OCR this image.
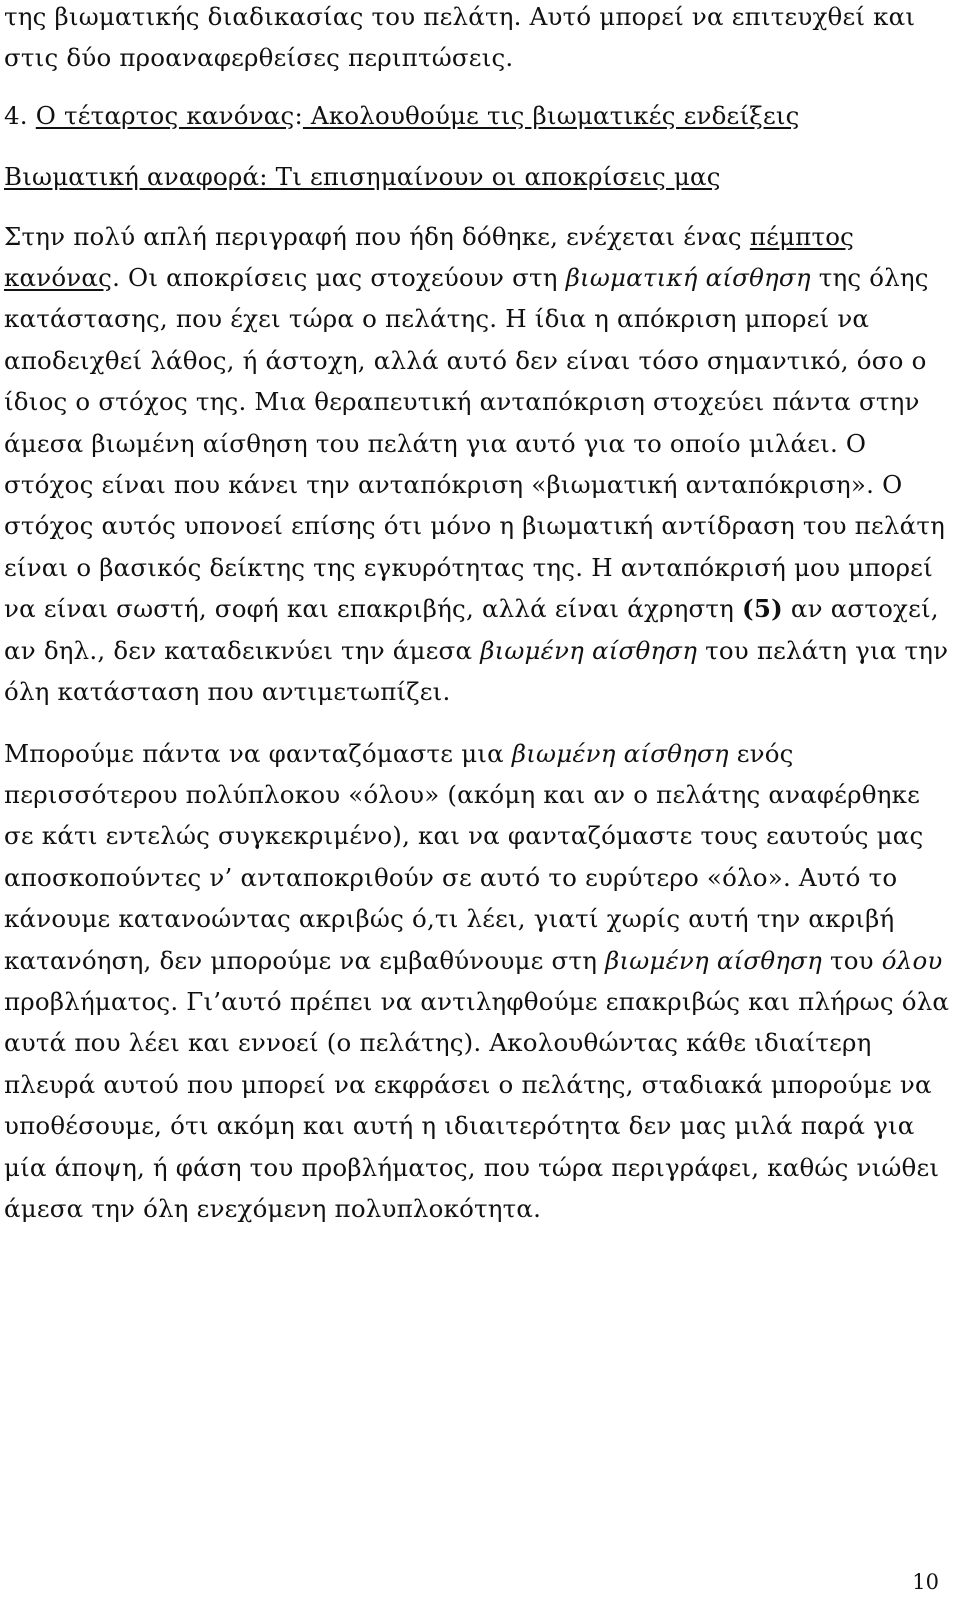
της βιωματικής διαδικασίας του πελάτη. Αυτό μπορεί να επιτευχθεί και στις δύο προαναφερθείσες περιπτώσεις.

4. Ο τέταρτος κανόνας: Ακολουθούμε τις βιωματικές ενδείξεις

Βιωματική αναφορά: Τι επισημαίνουν οι αποκρίσεις μας

Στην πολύ απλή περιγραφή που ήδη δόθηκε, ενέχεται ένας πέμπτος κανόνας. Οι αποκρίσεις μας στοχεύουν στη βιωματική αίσθηση της όλης κατάστασης, που έχει τώρα ο πελάτης. Η ίδια η απόκριση μπορεί να αποδειχθεί λάθος, ή άστοχη, αλλά αυτό δεν είναι τόσο σημαντικό, όσο ο ίδιος ο στόχος της. Μια θεραπευτική ανταπόκριση στοχεύει πάντα στην άμεσα βιωμένη αίσθηση του πελάτη για αυτό για το οποίο μιλάει. Ο στόχος είναι που κάνει την ανταπόκριση «βιωματική ανταπόκριση». Ο στόχος αυτός υπονοεί επίσης ότι μόνο η βιωματική αντίδραση του πελάτη είναι ο βασικός δείκτης της εγκυρότητας της. Η ανταπόκρισή μου μπορεί να είναι σωστή, σοφή και επακριβής, αλλά είναι άχρηστη (5) αν αστοχεί, αν δηλ., δεν καταδεικνύει την άμεσα βιωμένη αίσθηση του πελάτη για την όλη κατάσταση που αντιμετωπίζει.

Μπορούμε πάντα να φανταζόμαστε μια βιωμένη αίσθηση ενός περισσότερου πολύπλοκου «όλου» (ακόμη και αν ο πελάτης αναφέρθηκε σε κάτι εντελώς συγκεκριμένο), και να φανταζόμαστε τους εαυτούς μας αποσκοπούντες ν’ ανταποκριθούν σε αυτό το ευρύτερο «όλο». Αυτό το κάνουμε κατανοώντας ακριβώς ό,τι λέει, γιατί χωρίς αυτή την ακριβή κατανόηση, δεν μπορούμε να εμβαθύνουμε στη βιωμένη αίσθηση του όλου προβλήματος. Γι’αυτό πρέπει να αντιληφθούμε επακριβώς και πλήρως όλα αυτά που λέει και εννοεί (ο πελάτης). Ακολουθώντας κάθε ιδιαίτερη πλευρά αυτού που μπορεί να εκφράσει ο πελάτης, σταδιακά μπορούμε να υποθέσουμε, ότι ακόμη και αυτή η ιδιαιτερότητα δεν μας μιλά παρά για μία άποψη, ή φάση του προβλήματος, που τώρα περιγράφει, καθώς νιώθει άμεσα την όλη ενεχόμενη πολυπλοκότητα.

10
